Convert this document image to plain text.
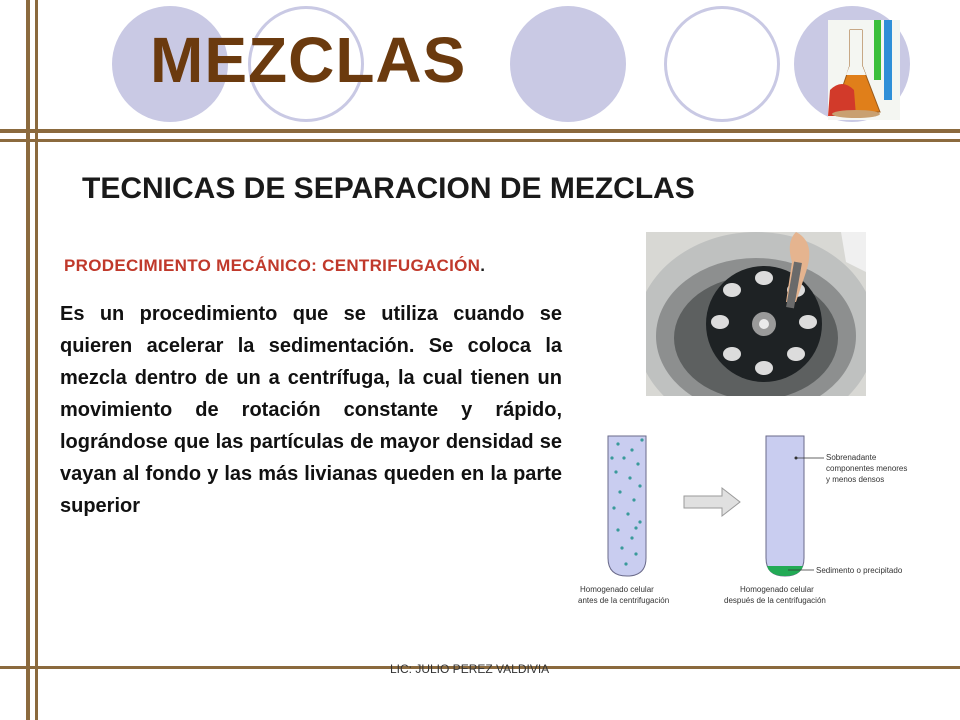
MEZCLAS
TECNICAS DE SEPARACION DE MEZCLAS
PRODECIMIENTO MECÁNICO: CENTRIFUGACIÓN.
Es un procedimiento que se utiliza cuando se quieren acelerar la sedimentación. Se coloca la mezcla dentro de un a centrífuga, la cual tienen un movimiento de rotación constante y rápido, lográndose que las partículas de mayor densidad se vayan al fondo y las más livianas queden en la parte superior
Homogenado celular
antes de la centrifugación
Sobrenadante
componentes menores
y menos densos
Sedimento o precipitado
Homogenado celular
después de la centrifugación
LIC: JULIO PEREZ VALDIVIA
